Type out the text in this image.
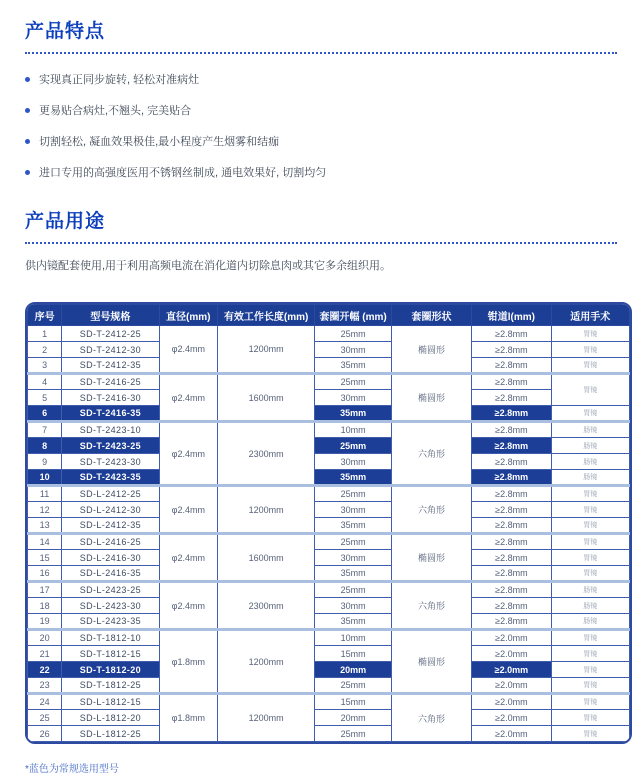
产品特点
实现真正同步旋转, 轻松对准病灶
更易贴合病灶,不翘头, 完美贴合
切割轻松, 凝血效果极佳,最小程度产生烟雾和结痂
进口专用的高强度医用不锈钢丝制成, 通电效果好, 切割均匀
产品用途

供内镜配套使用,用于利用高频电流在消化道内切除息肉或其它多余组织用。

序号	型号规格	直径(mm)	有效工作长度(mm)	套圈开幅 (mm)	套圈形状	钳道l(mm)	适用手术
1	SD-T-2412-25	φ2.4mm	1200mm	25mm	椭圆形	≥2.8mm	胃镜
2	SD-T-2412-30			30mm		≥2.8mm	胃镜
3	SD-T-2412-35			35mm		≥2.8mm	胃镜
4	SD-T-2416-25	φ2.4mm	1600mm	25mm	椭圆形	≥2.8mm	胃镜
5	SD-T-2416-30			30mm		≥2.8mm	
6	SD-T-2416-35			35mm		≥2.8mm	胃镜
7	SD-T-2423-10	φ2.4mm	2300mm	10mm	六角形	≥2.8mm	肠镜
8	SD-T-2423-25			25mm		≥2.8mm	肠镜
9	SD-T-2423-30			30mm		≥2.8mm	肠镜
10	SD-T-2423-35			35mm		≥2.8mm	肠镜
11	SD-L-2412-25	φ2.4mm	1200mm	25mm	六角形	≥2.8mm	胃镜
12	SD-L-2412-30			30mm		≥2.8mm	胃镜
13	SD-L-2412-35			35mm		≥2.8mm	胃镜
14	SD-L-2416-25	φ2.4mm	1600mm	25mm	椭圆形	≥2.8mm	胃镜
15	SD-L-2416-30			30mm		≥2.8mm	胃镜
16	SD-L-2416-35			35mm		≥2.8mm	胃镜
17	SD-L-2423-25	φ2.4mm	2300mm	25mm	六角形	≥2.8mm	肠镜
18	SD-L-2423-30			30mm		≥2.8mm	肠镜
19	SD-L-2423-35			35mm		≥2.8mm	肠镜
20	SD-T-1812-10	φ1.8mm	1200mm	10mm	椭圆形	≥2.0mm	胃镜
21	SD-T-1812-15			15mm		≥2.0mm	胃镜
22	SD-T-1812-20			20mm		≥2.0mm	胃镜
23	SD-T-1812-25			25mm		≥2.0mm	胃镜
24	SD-L-1812-15	φ1.8mm	1200mm	15mm	六角形	≥2.0mm	胃镜
25	SD-L-1812-20			20mm		≥2.0mm	胃镜
26	SD-L-1812-25			25mm		≥2.0mm	胃镜

*蓝色为常规选用型号
